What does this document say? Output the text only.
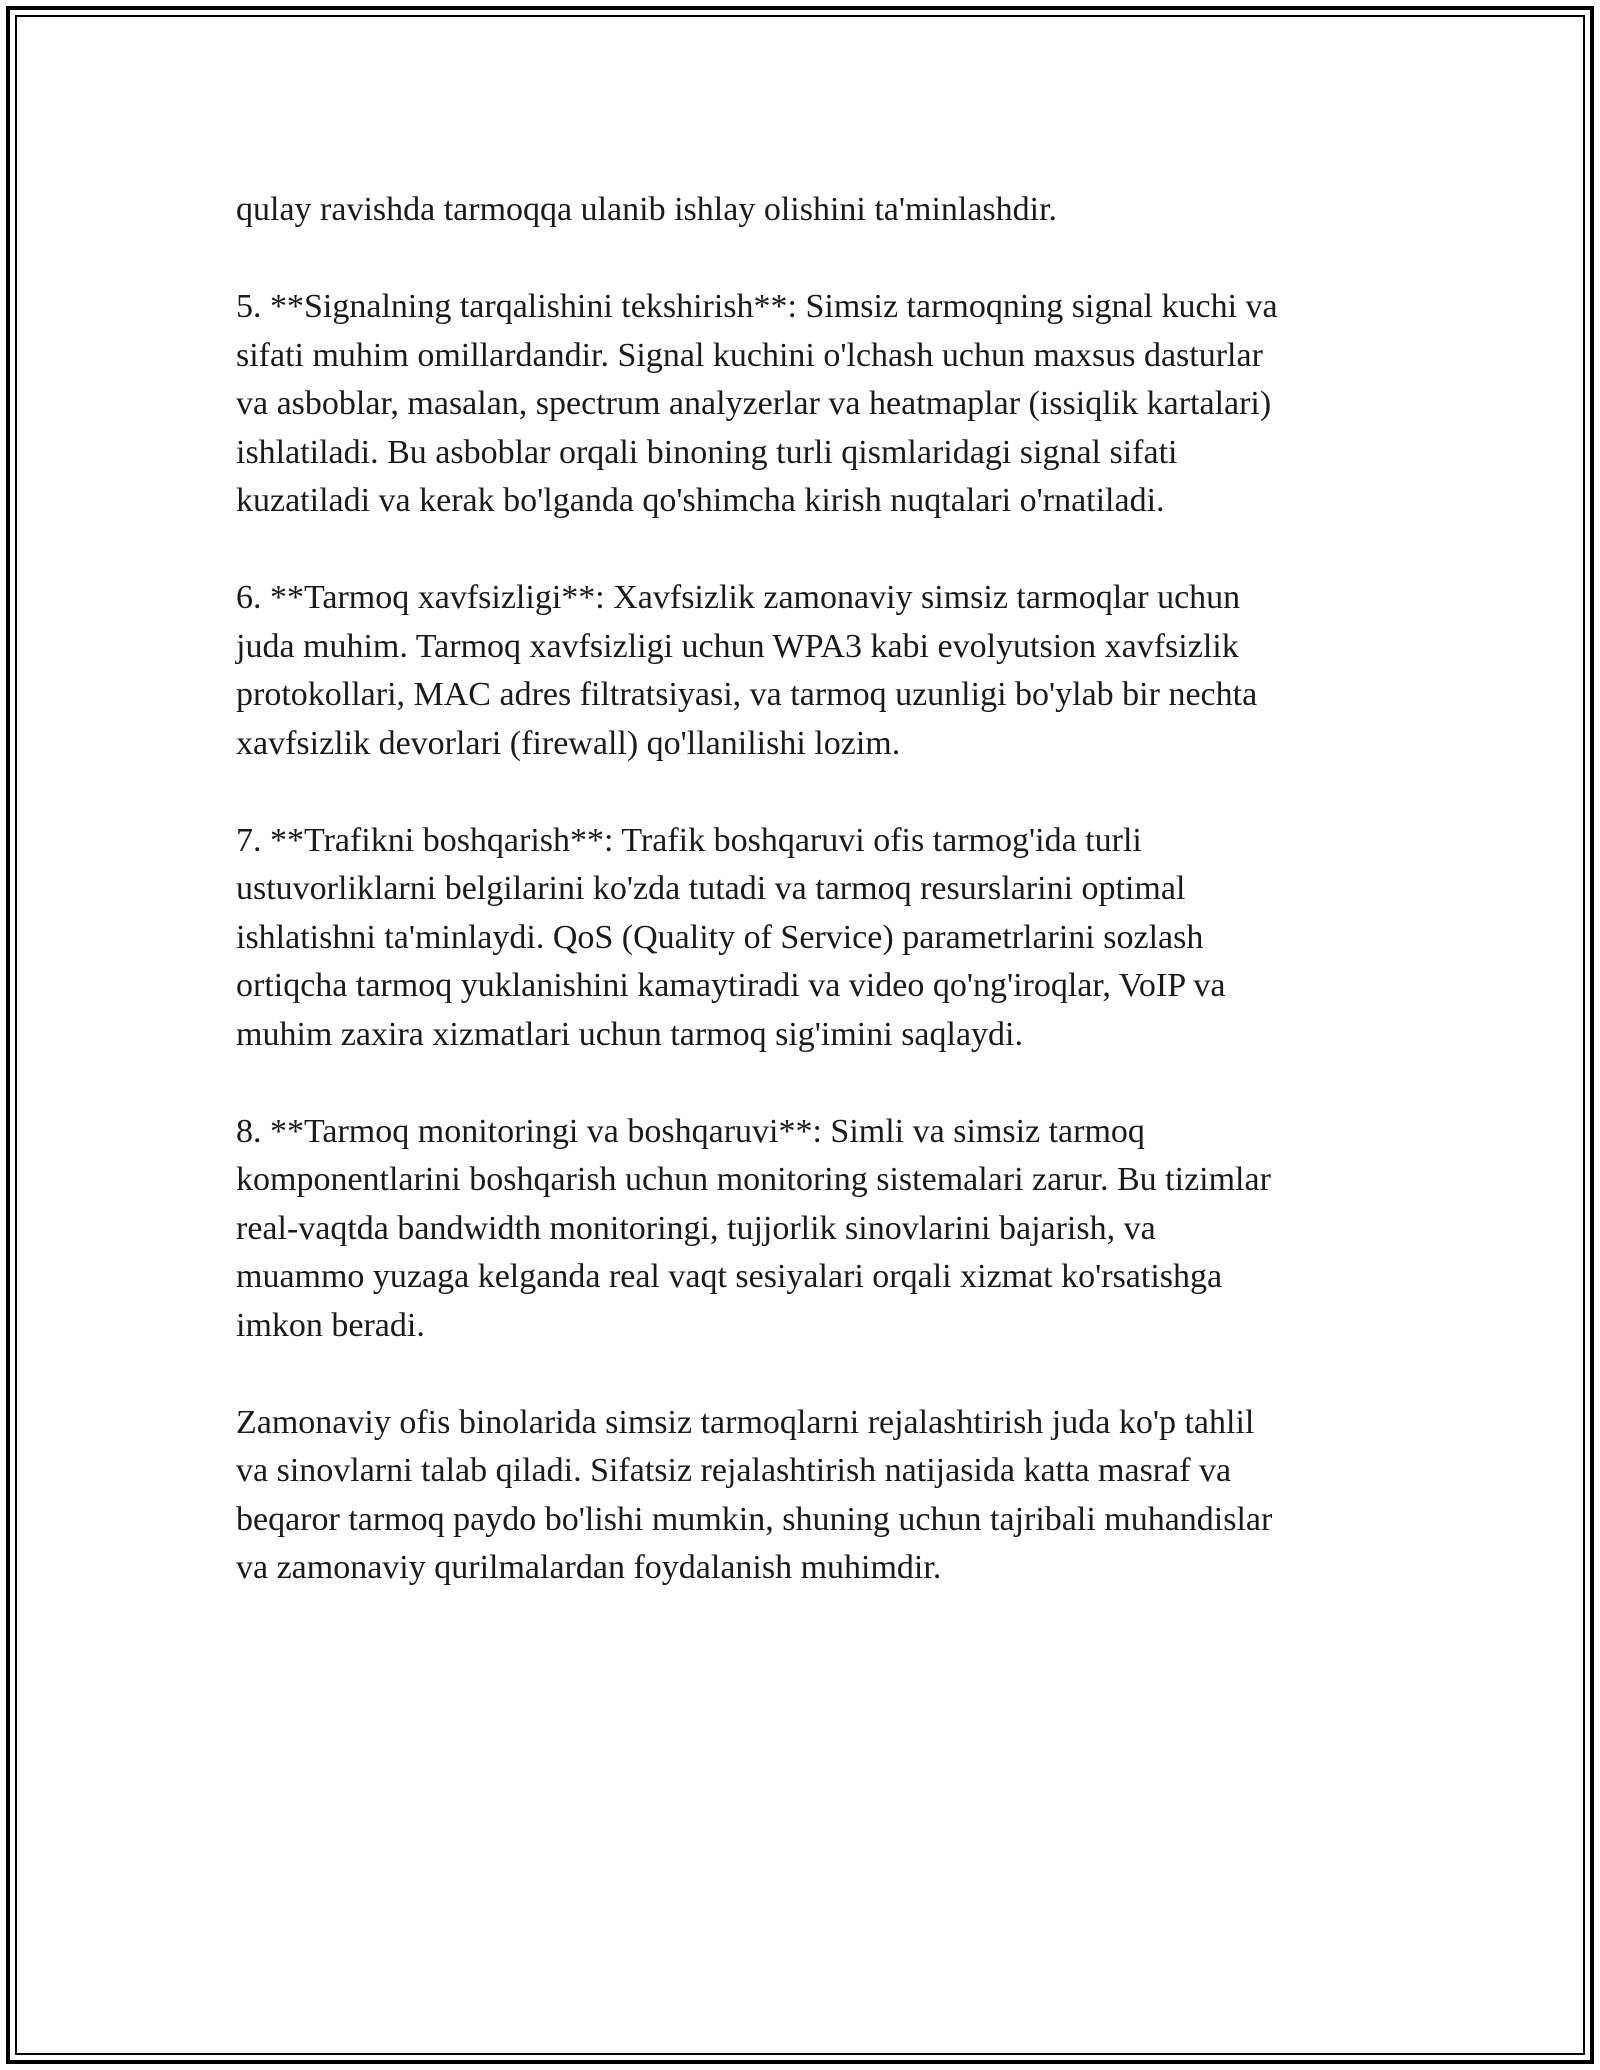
qulay ravishda tarmoqqa ulanib ishlay olishini ta'minlashdir.

5. **Signalning tarqalishini tekshirish**: Simsiz tarmoqning signal kuchi va
sifati muhim omillardandir. Signal kuchini o'lchash uchun maxsus dasturlar
va asboblar, masalan, spectrum analyzerlar va heatmaplar (issiqlik kartalari)
ishlatiladi. Bu asboblar orqali binoning turli qismlaridagi signal sifati
kuzatiladi va kerak bo'lganda qo'shimcha kirish nuqtalari o'rnatiladi.

6. **Tarmoq xavfsizligi**: Xavfsizlik zamonaviy simsiz tarmoqlar uchun
juda muhim. Tarmoq xavfsizligi uchun WPA3 kabi evolyutsion xavfsizlik
protokollari, MAC adres filtratsiyasi, va tarmoq uzunligi bo'ylab bir nechta
xavfsizlik devorlari (firewall) qo'llanilishi lozim.

7. **Trafikni boshqarish**: Trafik boshqaruvi ofis tarmog'ida turli
ustuvorliklarni belgilarini ko'zda tutadi va tarmoq resurslarini optimal
ishlatishni ta'minlaydi. QoS (Quality of Service) parametrlarini sozlash
ortiqcha tarmoq yuklanishini kamaytiradi va video qo'ng'iroqlar, VoIP va
muhim zaxira xizmatlari uchun tarmoq sig'imini saqlaydi.

8. **Tarmoq monitoringi va boshqaruvi**: Simli va simsiz tarmoq
komponentlarini boshqarish uchun monitoring sistemalari zarur. Bu tizimlar
real-vaqtda bandwidth monitoringi, tujjorlik sinovlarini bajarish, va
muammo yuzaga kelganda real vaqt sesiyalari orqali xizmat ko'rsatishga
imkon beradi.

Zamonaviy ofis binolarida simsiz tarmoqlarni rejalashtirish juda ko'p tahlil
va sinovlarni talab qiladi. Sifatsiz rejalashtirish natijasida katta masraf va
beqaror tarmoq paydo bo'lishi mumkin, shuning uchun tajribali muhandislar
va zamonaviy qurilmalardan foydalanish muhimdir.
